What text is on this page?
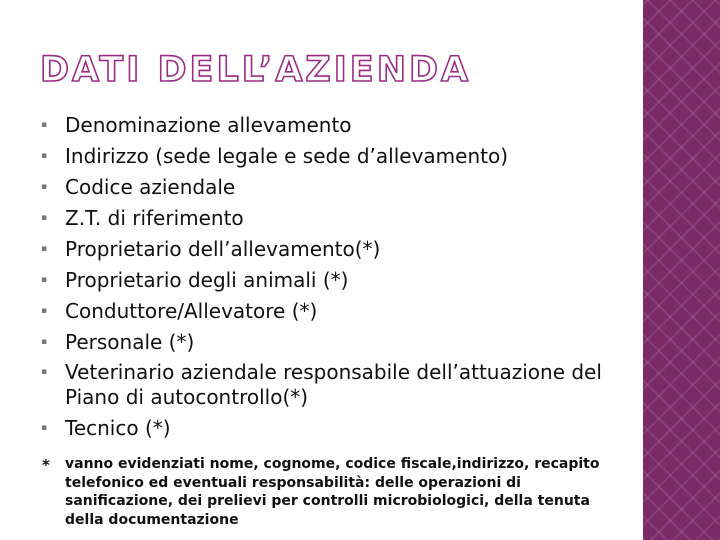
DATI DELL’AZIENDA
▪ Denominazione allevamento
▪ Indirizzo (sede legale e sede d’allevamento)
▪ Codice aziendale
▪ Z.T. di riferimento
▪ Proprietario dell’allevamento(*)
▪ Proprietario degli animali (*)
▪ Conduttore/Allevatore (*)
▪ Personale (*)
▪ Veterinario aziendale responsabile dell’attuazione del Piano di autocontrollo(*)
▪ Tecnico (*)
* vanno evidenziati nome, cognome, codice fiscale,indirizzo, recapito telefonico ed eventuali responsabilità: delle operazioni di sanificazione, dei prelievi per controlli microbiologici, della tenuta della documentazione
